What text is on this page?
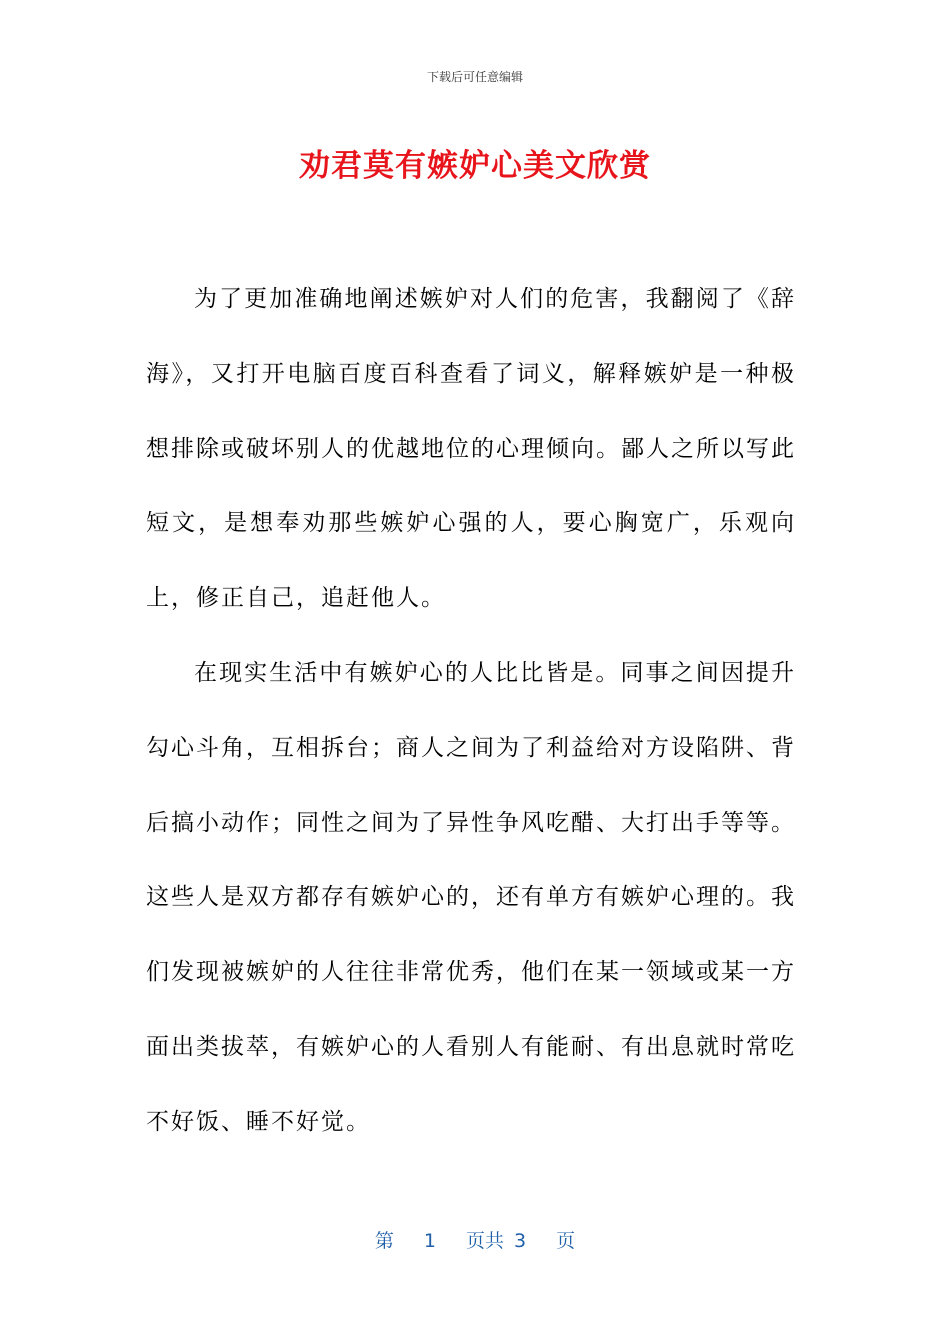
下载后可任意编辑
劝君莫有嫉妒心美文欣赏

为了更加准确地阐述嫉妒对人们的危害，我翻阅了《辞海》，又打开电脑百度百科查看了词义，解释嫉妒是一种极想排除或破坏别人的优越地位的心理倾向。鄙人之所以写此短文，是想奉劝那些嫉妒心强的人，要心胸宽广，乐观向上，修正自己，追赶他人。

在现实生活中有嫉妒心的人比比皆是。同事之间因提升勾心斗角，互相拆台；商人之间为了利益给对方设陷阱、背后搞小动作；同性之间为了异性争风吃醋、大打出手等等。这些人是双方都存有嫉妒心的，还有单方有嫉妒心理的。我们发现被嫉妒的人往往非常优秀，他们在某一领域或某一方面出类拔萃，有嫉妒心的人看别人有能耐、有出息就时常吃不好饭、睡不好觉。

第 1 页共 3 页
